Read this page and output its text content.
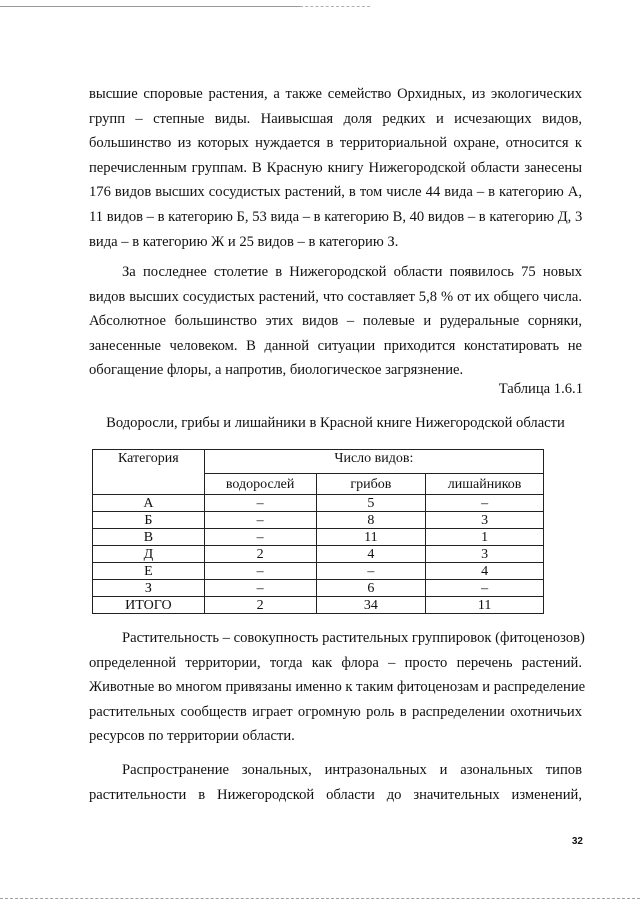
высшие споровые растения, а также семейство Орхидных, из экологических
групп – степные виды. Наивысшая доля редких и исчезающих видов,
большинство из которых нуждается в территориальной охране, относится к
перечисленным группам. В Красную книгу Нижегородской области занесены
176 видов высших сосудистых растений, в том числе 44 вида – в категорию А,
11 видов – в категорию Б, 53 вида – в категорию В, 40 видов – в категорию Д, 3
вида – в категорию Ж и 25 видов – в категорию З.
За последнее столетие в Нижегородской области появилось 75 новых
видов высших сосудистых растений, что составляет 5,8 % от их общего числа.
Абсолютное большинство этих видов – полевые и рудеральные сорняки,
занесенные человеком. В данной ситуации приходится констатировать не
обогащение флоры, а напротив, биологическое загрязнение.
Таблица 1.6.1
Водоросли, грибы и лишайники в Красной книге Нижегородской области
Категория	Число видов:		
	водорослей	грибов	лишайников
А	–	5	–
Б	–	8	3
В	–	11	1
Д	2	4	3
Е	–	–	4
З	–	6	–
ИТОГО	2	34	11
Растительность – совокупность растительных группировок (фитоценозов)
определенной территории, тогда как флора – просто перечень растений.
Животные во многом привязаны именно к таким фитоценозам и распределение
растительных сообществ играет огромную роль в распределении охотничьих
ресурсов по территории области.
Распространение зональных, интразональных и азональных типов
растительности в Нижегородской области до значительных изменений,
32
